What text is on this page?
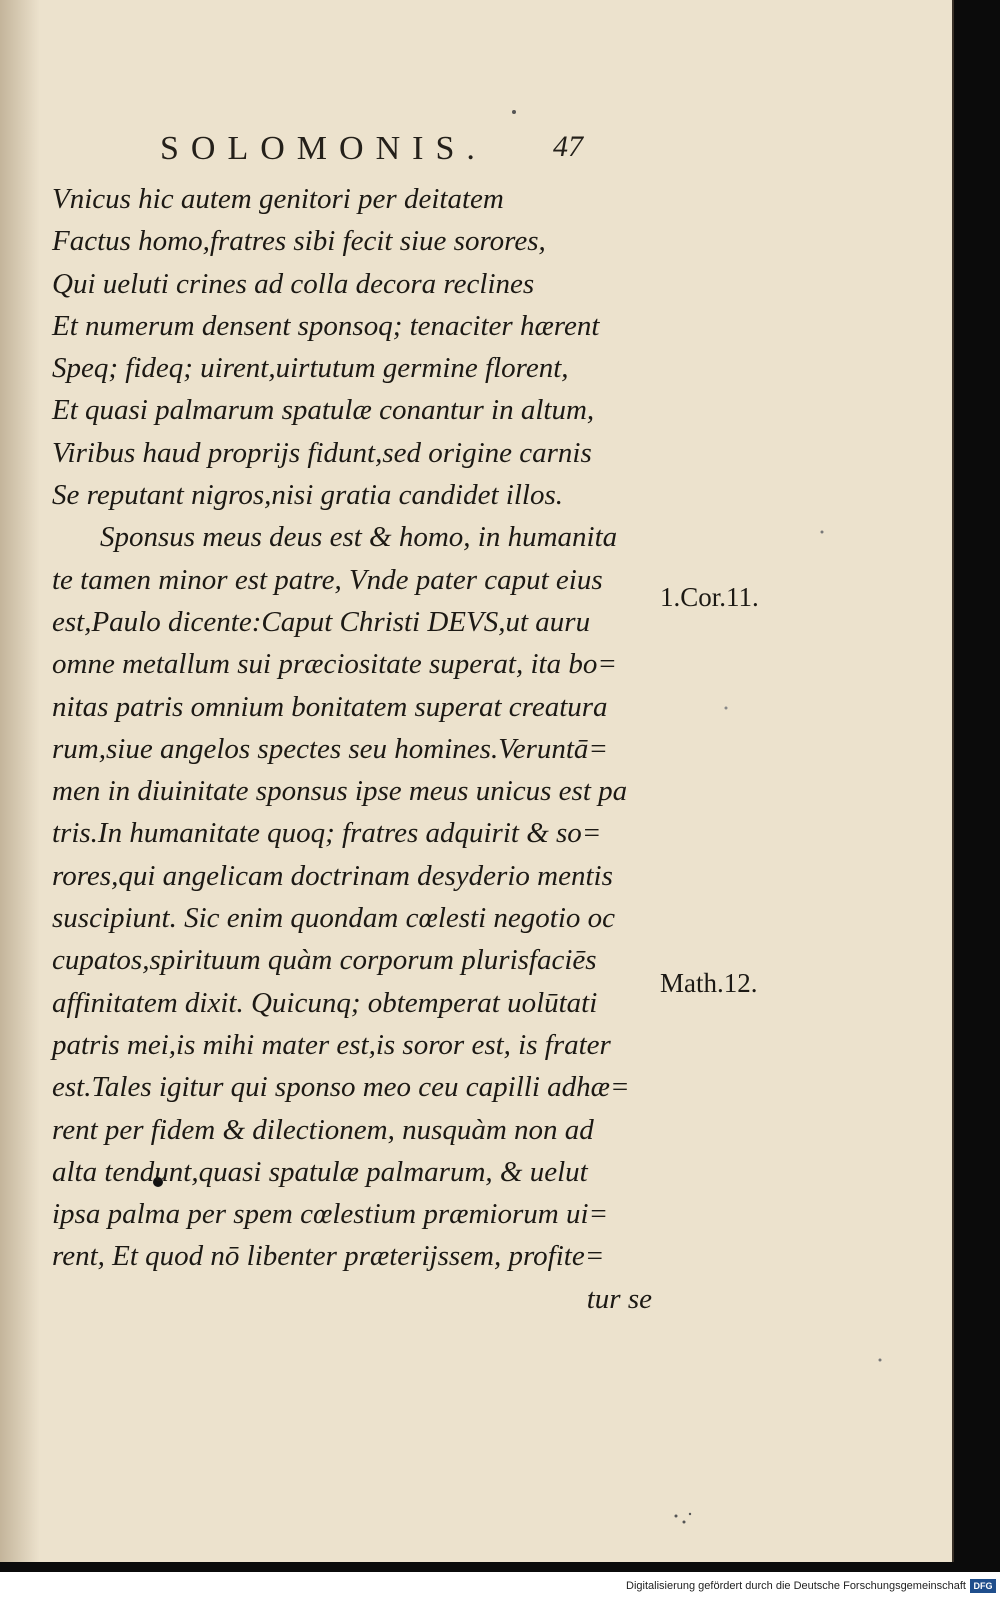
SOLOMONIS. 47
Vnicus hic autem genitori per deitatem
Factus homo,fratres sibi fecit siue sorores,
Qui ueluti crines ad colla decora reclines
Et numerum densent sponsoq; tenaciter hærent
Speq; fideq; uirent,uirtutum germine florent,
Et quasi palmarum spatulæ conantur in altum,
Viribus haud proprijs fidunt,sed origine carnis
Se reputant nigros,nisi gratia candidet illos.
Sponsus meus deus est & homo, in humanita
te tamen minor est patre, Vnde pater caput eius
est,Paulo dicente:Caput Christi DEVS,ut auru
omne metallum sui præciositate superat, ita bo=
nitas patris omnium bonitatem superat creatura
rum,siue angelos spectes seu homines.Veruntā=
men in diuinitate sponsus ipse meus unicus est pa
tris.In humanitate quoq; fratres adquirit & so=
rores,qui angelicam doctrinam desyderio mentis
suscipiunt. Sic enim quondam cœlesti negotio oc
cupatos,spirituum quàm corporum plurisfaciēs
affinitatem dixit. Quicunq; obtemperat uolūtati
patris mei,is mihi mater est,is soror est, is frater
est.Tales igitur qui sponso meo ceu capilli adhæ=
rent per fidem & dilectionem, nusquàm non ad
alta tendunt,quasi spatulæ palmarum, & uelut
ipsa palma per spem cœlestium præmiorum ui=
rent, Et quod nō libenter præterijssem, profite=
tur se
1.Cor.11.
Math.12.
Digitalisierung gefördert durch die Deutsche Forschungsgemeinschaft DFG
